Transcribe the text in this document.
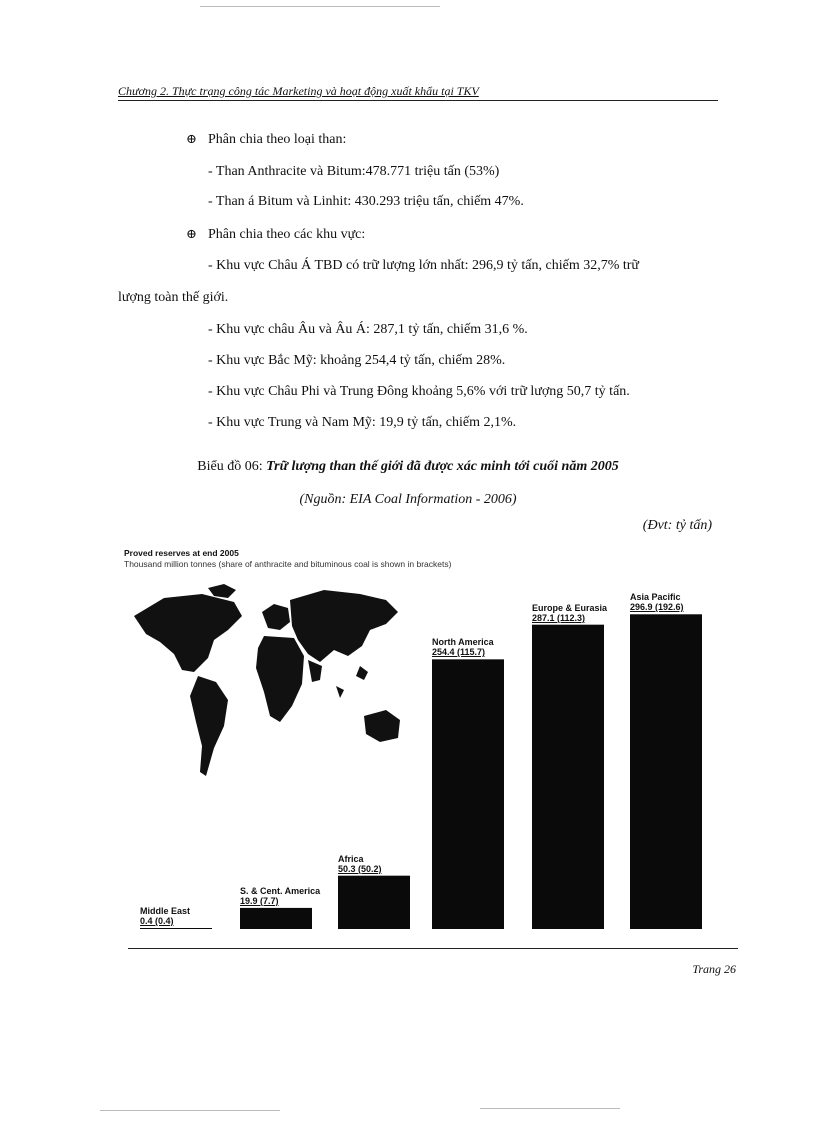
Chương 2. Thực trạng công tác Marketing và hoạt động xuất khẩu tại TKV
⊕ Phân chia theo loại than:
- Than Anthracite và Bitum:478.771 triệu tấn (53%)
- Than á Bitum và Linhit: 430.293 triệu tấn, chiếm 47%.
⊕ Phân chia theo các khu vực:
- Khu vực Châu Á TBD có trữ lượng lớn nhất: 296,9 tỷ tấn, chiếm 32,7% trữ
lượng toàn thế giới.
- Khu vực châu Âu và Âu Á: 287,1 tỷ tấn, chiếm 31,6 %.
- Khu vực Bắc Mỹ: khoảng 254,4 tỷ tấn, chiếm 28%.
- Khu vực Châu Phi và Trung Đông khoảng 5,6% với trữ lượng 50,7 tỷ tấn.
- Khu vực Trung và Nam Mỹ: 19,9 tỷ tấn, chiếm 2,1%.
Biểu đồ 06: Trữ lượng than thế giới đã được xác minh tới cuối năm 2005
(Nguồn: EIA Coal Information - 2006)
(Đvt: tỷ tấn)
Proved reserves at end 2005
Thousand million tonnes (share of anthracite and bituminous coal is shown in brackets)
Middle East
0.4 (0.4)
S. & Cent. America
19.9 (7.7)
Africa
50.3 (50.2)
North America
254.4 (115.7)
Europe & Eurasia
287.1 (112.3)
Asia Pacific
296.9 (192.6)
Trang 26
